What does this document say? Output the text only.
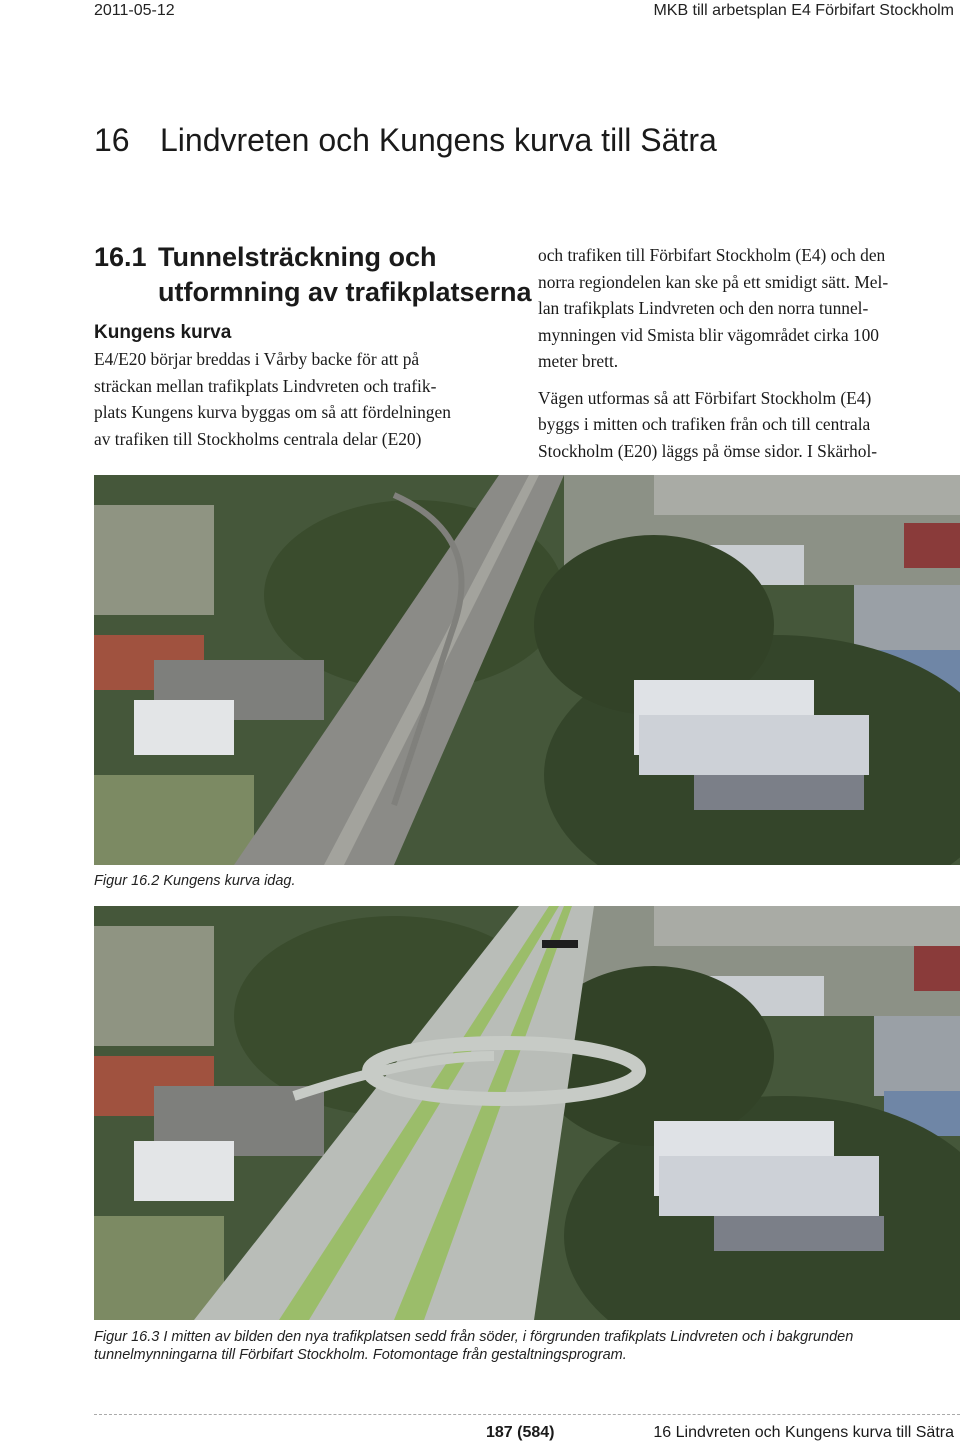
2011-05-12	MKB till arbetsplan E4 Förbifart Stockholm
16 Lindvreten och Kungens kurva till Sätra
16.1 Tunnelsträckning och
utformning av trafikplatserna
Kungens kurva

E4/E20 börjar breddas i Vårby backe för att på
sträckan mellan trafikplats Lindvreten och trafik-
plats Kungens kurva byggas om så att fördelningen
av trafiken till Stockholms centrala delar (E20)

och trafiken till Förbifart Stockholm (E4) och den
norra regiondelen kan ske på ett smidigt sätt. Mel-
lan trafikplats Lindvreten och den norra tunnel-
mynningen vid Smista blir vägområdet cirka 100
meter brett.

Vägen utformas så att Förbifart Stockholm (E4)
byggs i mitten och trafiken från och till centrala
Stockholm (E20) läggs på ömse sidor. I Skärhol-

Figur 16.2 Kungens kurva idag.
Figur 16.3 I mitten av bilden den nya trafikplatsen sedd från söder, i förgrunden trafikplats Lindvreten och i bakgrunden
tunnelmynningarna till Förbifart Stockholm. Fotomontage från gestaltningsprogram.
187 (584)	16 Lindvreten och Kungens kurva till Sätra
